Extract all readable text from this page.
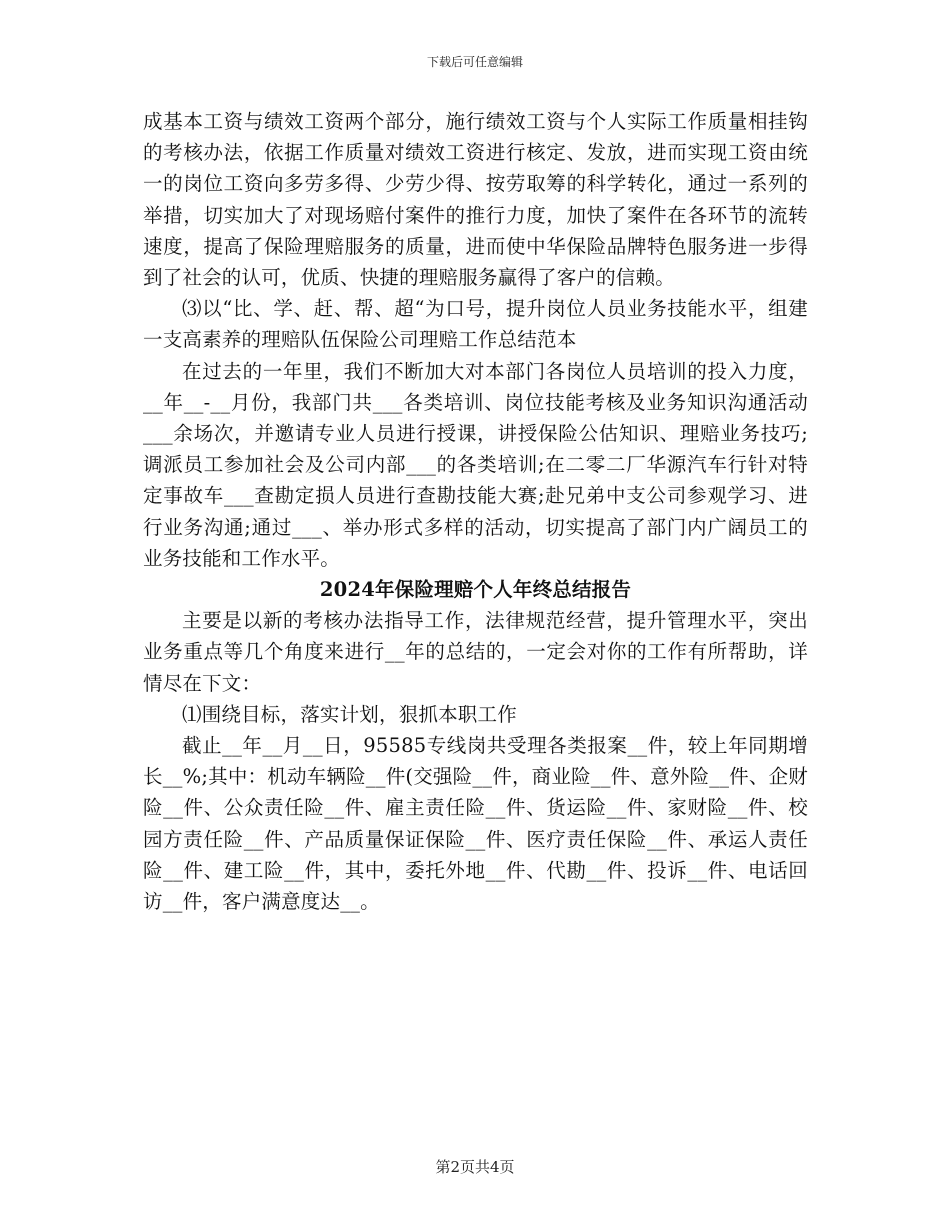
下载后可任意编辑

成基本工资与绩效工资两个部分，施行绩效工资与个人实际工作质量相挂钩的考核办法，依据工作质量对绩效工资进行核定、发放，进而实现工资由统一的岗位工资向多劳多得、少劳少得、按劳取筹的科学转化，通过一系列的举措，切实加大了对现场赔付案件的推行力度，加快了案件在各环节的流转速度，提高了保险理赔服务的质量，进而使中华保险品牌特色服务进一步得到了社会的认可，优质、快捷的理赔服务赢得了客户的信赖。

⑶以“比、学、赶、帮、超“为口号，提升岗位人员业务技能水平，组建一支高素养的理赔队伍保险公司理赔工作总结范本

在过去的一年里，我们不断加大对本部门各岗位人员培训的投入力度，__年__-__月份，我部门共___各类培训、岗位技能考核及业务知识沟通活动___余场次，并邀请专业人员进行授课，讲授保险公估知识、理赔业务技巧;调派员工参加社会及公司内部___的各类培训;在二零二厂华源汽车行针对特定事故车___查勘定损人员进行查勘技能大赛;赴兄弟中支公司参观学习、进行业务沟通;通过___、举办形式多样的活动，切实提高了部门内广阔员工的业务技能和工作水平。

2024年保险理赔个人年终总结报告

主要是以新的考核办法指导工作，法律规范经营，提升管理水平，突出业务重点等几个角度来进行__年的总结的，一定会对你的工作有所帮助，详情尽在下文：

⑴围绕目标，落实计划，狠抓本职工作

截止__年__月__日，95585专线岗共受理各类报案__件，较上年同期增长__%;其中：机动车辆险__件(交强险__件，商业险__件、意外险__件、企财险__件、公众责任险__件、雇主责任险__件、货运险__件、家财险__件、校园方责任险__件、产品质量保证保险__件、医疗责任保险__件、承运人责任险__件、建工险__件，其中，委托外地__件、代勘__件、投诉__件、电话回访__件，客户满意度达__。

第2页共4页
